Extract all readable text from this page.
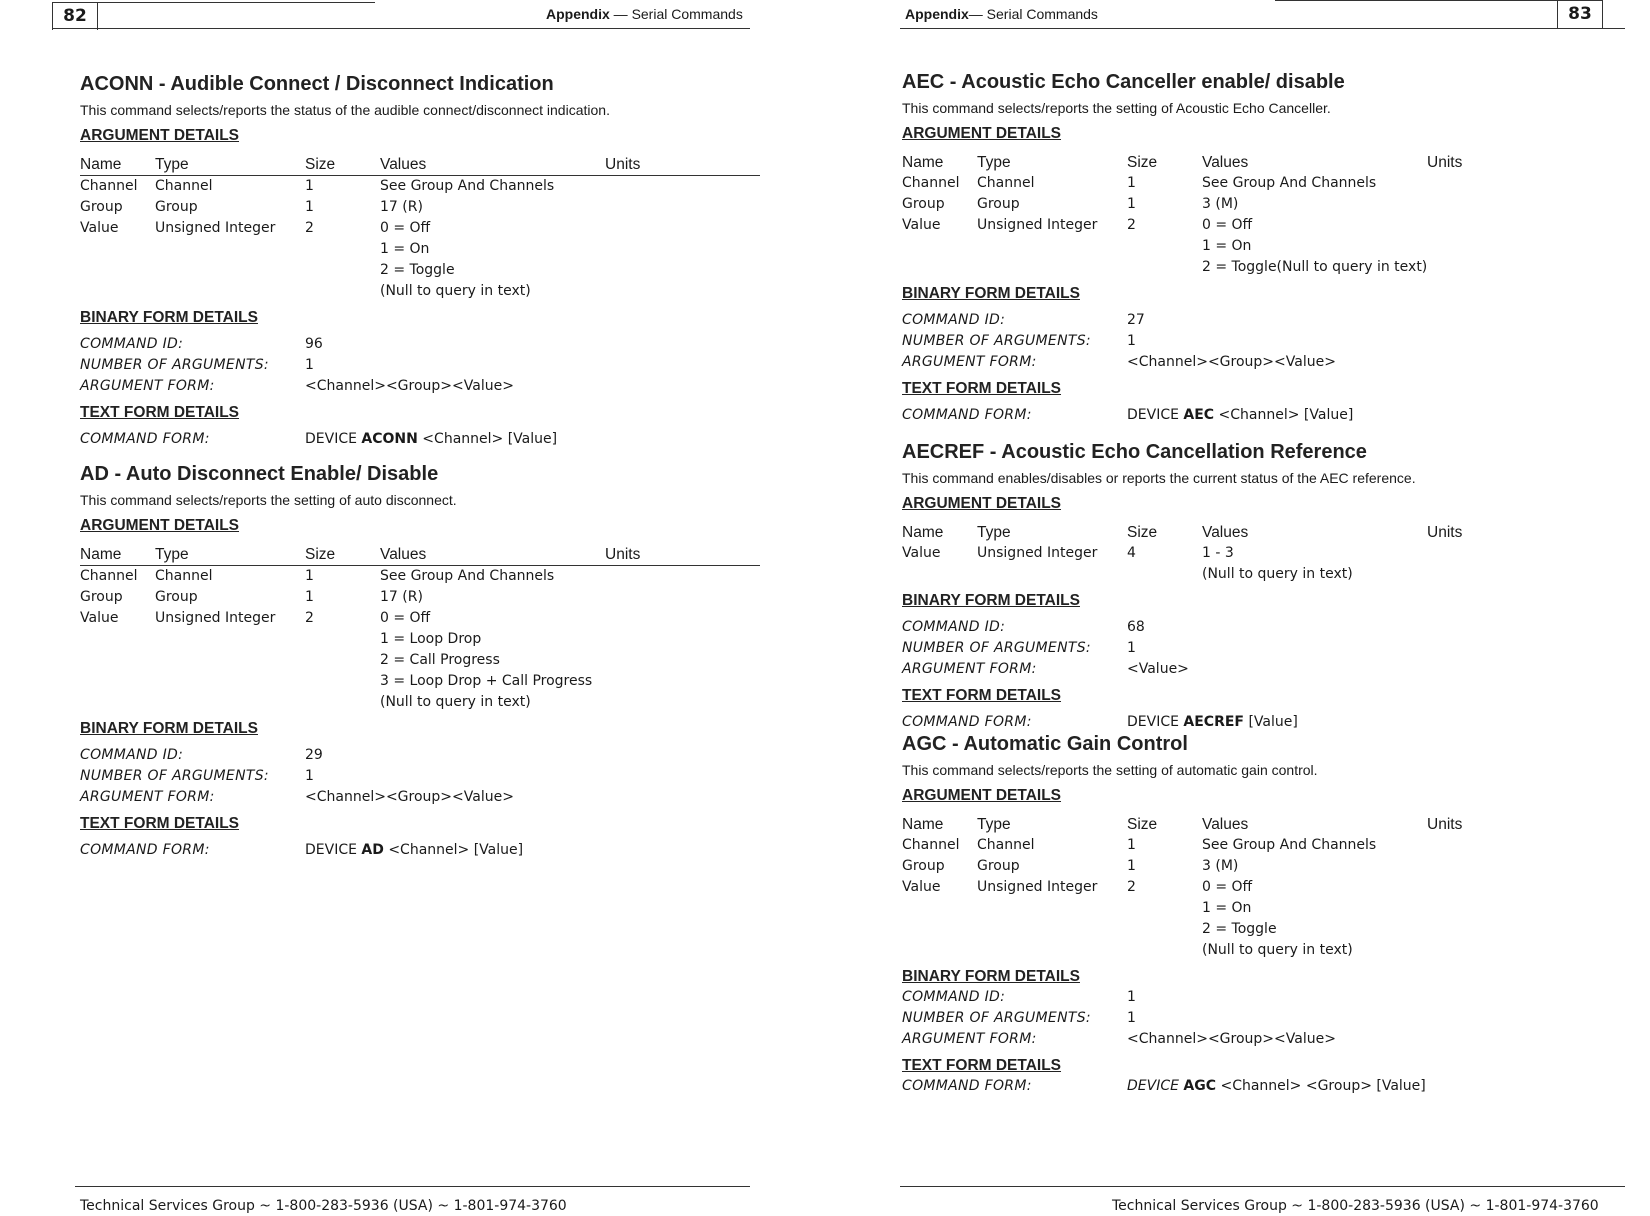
82	Appendix — Serial Commands
ACONN - Audible Connect / Disconnect Indication

This command selects/reports the status of the audible connect/disconnect indication.

ARGUMENT DETAILS
Name	Type	Size	Values	Units
Channel	Channel	1	See Group And Channels
Group	Group	1	17 (R)
Value	Unsigned Integer	2	0 = Off
1 = On
2 = Toggle
(Null to query in text)
BINARY FORM DETAILS
COMMAND ID:	96
NUMBER OF ARGUMENTS:	1
ARGUMENT FORM:	<Channel><Group><Value>
TEXT FORM DETAILS
COMMAND FORM:	DEVICE ACONN <Channel> [Value]
AD - Auto Disconnect Enable/ Disable

This command selects/reports the setting of auto disconnect.

ARGUMENT DETAILS
Name	Type	Size	Values	Units
Channel	Channel	1	See Group And Channels
Group	Group	1	17 (R)
Value	Unsigned Integer	2	0 = Off
1 = Loop Drop
2 = Call Progress
3 = Loop Drop + Call Progress
(Null to query in text)
BINARY FORM DETAILS
COMMAND ID:	29
NUMBER OF ARGUMENTS:	1
ARGUMENT FORM:	<Channel><Group><Value>
TEXT FORM DETAILS
COMMAND FORM:	DEVICE AD <Channel> [Value]
Technical Services Group ~ 1-800-283-5936 (USA) ~ 1-801-974-3760
Appendix— Serial Commands	83
AEC - Acoustic Echo Canceller enable/ disable

This command selects/reports the setting of Acoustic Echo Canceller.

ARGUMENT DETAILS
Name	Type	Size	Values	Units
Channel	Channel	1	See Group And Channels
Group	Group	1	3 (M)
Value	Unsigned Integer	2	0 = Off
1 = On
2 = Toggle(Null to query in text)
BINARY FORM DETAILS
COMMAND ID:	27
NUMBER OF ARGUMENTS:	1
ARGUMENT FORM:	<Channel><Group><Value>
TEXT FORM DETAILS
COMMAND FORM:	DEVICE AEC <Channel> [Value]
AECREF - Acoustic Echo Cancellation Reference

This command enables/disables or reports the current status of the AEC reference.

ARGUMENT DETAILS
Name	Type	Size	Values	Units
Value	Unsigned Integer	4	1 - 3
(Null to query in text)
BINARY FORM DETAILS
COMMAND ID:	68
NUMBER OF ARGUMENTS:	1
ARGUMENT FORM:	<Value>
TEXT FORM DETAILS
COMMAND FORM:	DEVICE AECREF [Value]
AGC - Automatic Gain Control

This command selects/reports the setting of automatic gain control.

ARGUMENT DETAILS
Name	Type	Size	Values	Units
Channel	Channel	1	See Group And Channels
Group	Group	1	3 (M)
Value	Unsigned Integer	2	0 = Off
1 = On
2 = Toggle
(Null to query in text)
BINARY FORM DETAILS
COMMAND ID:	1
NUMBER OF ARGUMENTS:	1
ARGUMENT FORM:	<Channel><Group><Value>
TEXT FORM DETAILS
COMMAND FORM:	DEVICE AGC <Channel> <Group> [Value]
Technical Services Group ~ 1-800-283-5936 (USA) ~ 1-801-974-3760
